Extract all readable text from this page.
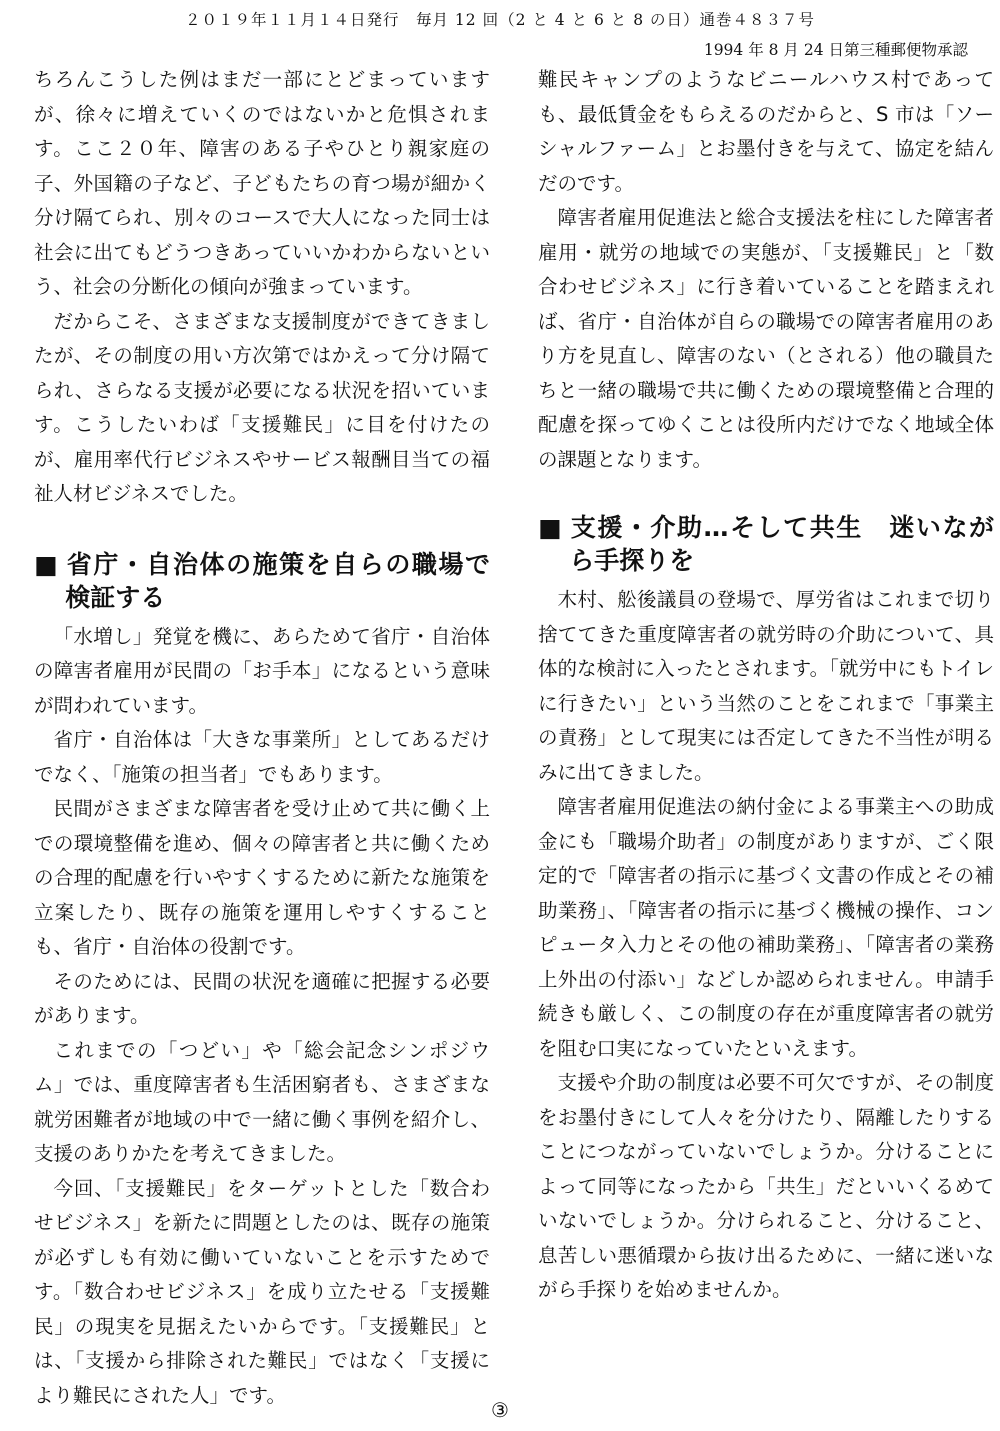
２０１９年１１月１４日発行　毎月 12 回（2 と 4 と 6 と 8 の日）通巻４８３７号
1994 年 8 月 24 日第三種郵便物承認

ちろんこうした例はまだ一部にとどまっていますが、徐々に増えていくのではないかと危惧されます。ここ２０年、障害のある子やひとり親家庭の子、外国籍の子など、子どもたちの育つ場が細かく分け隔てられ、別々のコースで大人になった同士は社会に出てもどうつきあっていいかわからないという、社会の分断化の傾向が強まっています。

だからこそ、さまざまな支援制度ができてきましたが、その制度の用い方次第ではかえって分け隔てられ、さらなる支援が必要になる状況を招いています。こうしたいわば「支援難民」に目を付けたのが、雇用率代行ビジネスやサービス報酬目当ての福祉人材ビジネスでした。

■ 省庁・自治体の施策を自らの職場で検証する

「水増し」発覚を機に、あらためて省庁・自治体の障害者雇用が民間の「お手本」になるという意味が問われています。

省庁・自治体は「大きな事業所」としてあるだけでなく、「施策の担当者」でもあります。

民間がさまざまな障害者を受け止めて共に働く上での環境整備を進め、個々の障害者と共に働くための合理的配慮を行いやすくするために新たな施策を立案したり、既存の施策を運用しやすくすることも、省庁・自治体の役割です。

そのためには、民間の状況を適確に把握する必要があります。

これまでの「つどい」や「総会記念シンポジウム」では、重度障害者も生活困窮者も、さまざまな就労困難者が地域の中で一緒に働く事例を紹介し、支援のありかたを考えてきました。

今回、「支援難民」をターゲットとした「数合わせビジネス」を新たに問題としたのは、既存の施策が必ずしも有効に働いていないことを示すためです。「数合わせビジネス」を成り立たせる「支援難民」の現実を見据えたいからです。「支援難民」とは、「支援から排除された難民」ではなく「支援により難民にされた人」です。

難民キャンプのようなビニールハウス村であっても、最低賃金をもらえるのだからと、S 市は「ソーシャルファーム」とお墨付きを与えて、協定を結んだのです。

障害者雇用促進法と総合支援法を柱にした障害者雇用・就労の地域での実態が、「支援難民」と「数合わせビジネス」に行き着いていることを踏まえれば、省庁・自治体が自らの職場での障害者雇用のあり方を見直し、障害のない（とされる）他の職員たちと一緒の職場で共に働くための環境整備と合理的配慮を探ってゆくことは役所内だけでなく地域全体の課題となります。

■ 支援・介助…そして共生　迷いながら手探りを

木村、舩後議員の登場で、厚労省はこれまで切り捨ててきた重度障害者の就労時の介助について、具体的な検討に入ったとされます。「就労中にもトイレに行きたい」という当然のことをこれまで「事業主の責務」として現実には否定してきた不当性が明るみに出てきました。

障害者雇用促進法の納付金による事業主への助成金にも「職場介助者」の制度がありますが、ごく限定的で「障害者の指示に基づく文書の作成とその補助業務」、「障害者の指示に基づく機械の操作、コンピュータ入力とその他の補助業務」、「障害者の業務上外出の付添い」などしか認められません。申請手続きも厳しく、この制度の存在が重度障害者の就労を阻む口実になっていたといえます。

支援や介助の制度は必要不可欠ですが、その制度をお墨付きにして人々を分けたり、隔離したりすることにつながっていないでしょうか。分けることによって同等になったから「共生」だといいくるめていないでしょうか。分けられること、分けること、息苦しい悪循環から抜け出るために、一緒に迷いながら手探りを始めませんか。

③
